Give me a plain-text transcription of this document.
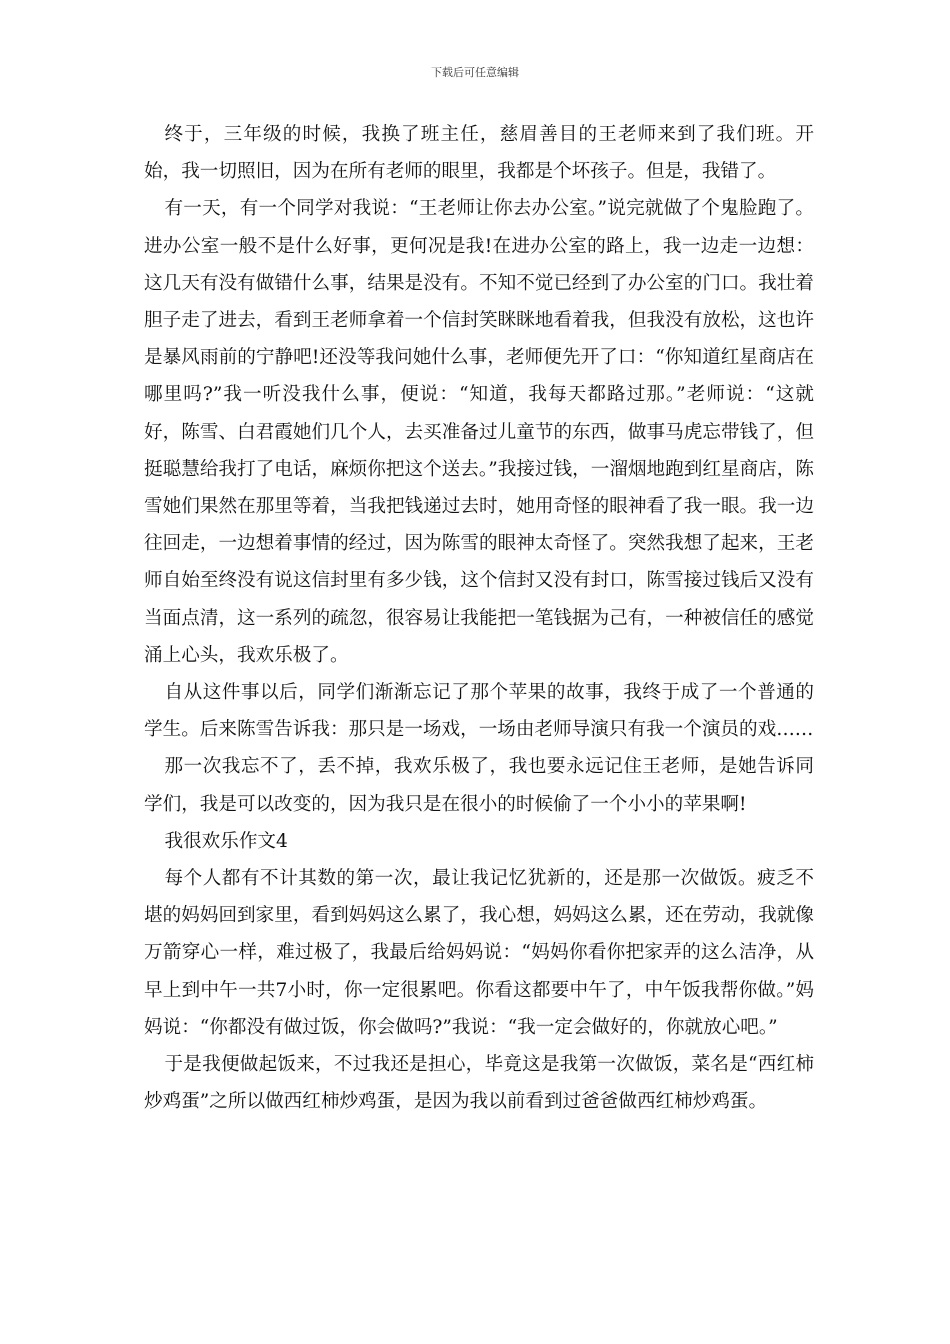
下载后可任意编辑

终于，三年级的时候，我换了班主任，慈眉善目的王老师来到了我们班。开始，我一切照旧，因为在所有老师的眼里，我都是个坏孩子。但是，我错了。

有一天，有一个同学对我说：“王老师让你去办公室。”说完就做了个鬼脸跑了。进办公室一般不是什么好事，更何况是我!在进办公室的路上，我一边走一边想：这几天有没有做错什么事，结果是没有。不知不觉已经到了办公室的门口。我壮着胆子走了进去，看到王老师拿着一个信封笑眯眯地看着我，但我没有放松，这也许是暴风雨前的宁静吧!还没等我问她什么事，老师便先开了口：“你知道红星商店在哪里吗?”我一听没我什么事，便说：“知道，我每天都路过那。”老师说：“这就好，陈雪、白君霞她们几个人，去买准备过儿童节的东西，做事马虎忘带钱了，但挺聪慧给我打了电话，麻烦你把这个送去。”我接过钱，一溜烟地跑到红星商店，陈雪她们果然在那里等着，当我把钱递过去时，她用奇怪的眼神看了我一眼。我一边往回走，一边想着事情的经过，因为陈雪的眼神太奇怪了。突然我想了起来，王老师自始至终没有说这信封里有多少钱，这个信封又没有封口，陈雪接过钱后又没有当面点清，这一系列的疏忽，很容易让我能把一笔钱据为己有，一种被信任的感觉涌上心头，我欢乐极了。

自从这件事以后，同学们渐渐忘记了那个苹果的故事，我终于成了一个普通的学生。后来陈雪告诉我：那只是一场戏，一场由老师导演只有我一个演员的戏……

那一次我忘不了，丢不掉，我欢乐极了，我也要永远记住王老师，是她告诉同学们，我是可以改变的，因为我只是在很小的时候偷了一个小小的苹果啊!

我很欢乐作文4

每个人都有不计其数的第一次，最让我记忆犹新的，还是那一次做饭。疲乏不堪的妈妈回到家里，看到妈妈这么累了，我心想，妈妈这么累，还在劳动，我就像万箭穿心一样，难过极了，我最后给妈妈说：“妈妈你看你把家弄的这么洁净，从早上到中午一共7小时，你一定很累吧。你看这都要中午了，中午饭我帮你做。”妈妈说：“你都没有做过饭，你会做吗?”我说：“我一定会做好的，你就放心吧。”

于是我便做起饭来，不过我还是担心，毕竟这是我第一次做饭，菜名是“西红柿炒鸡蛋”之所以做西红柿炒鸡蛋，是因为我以前看到过爸爸做西红柿炒鸡蛋。
